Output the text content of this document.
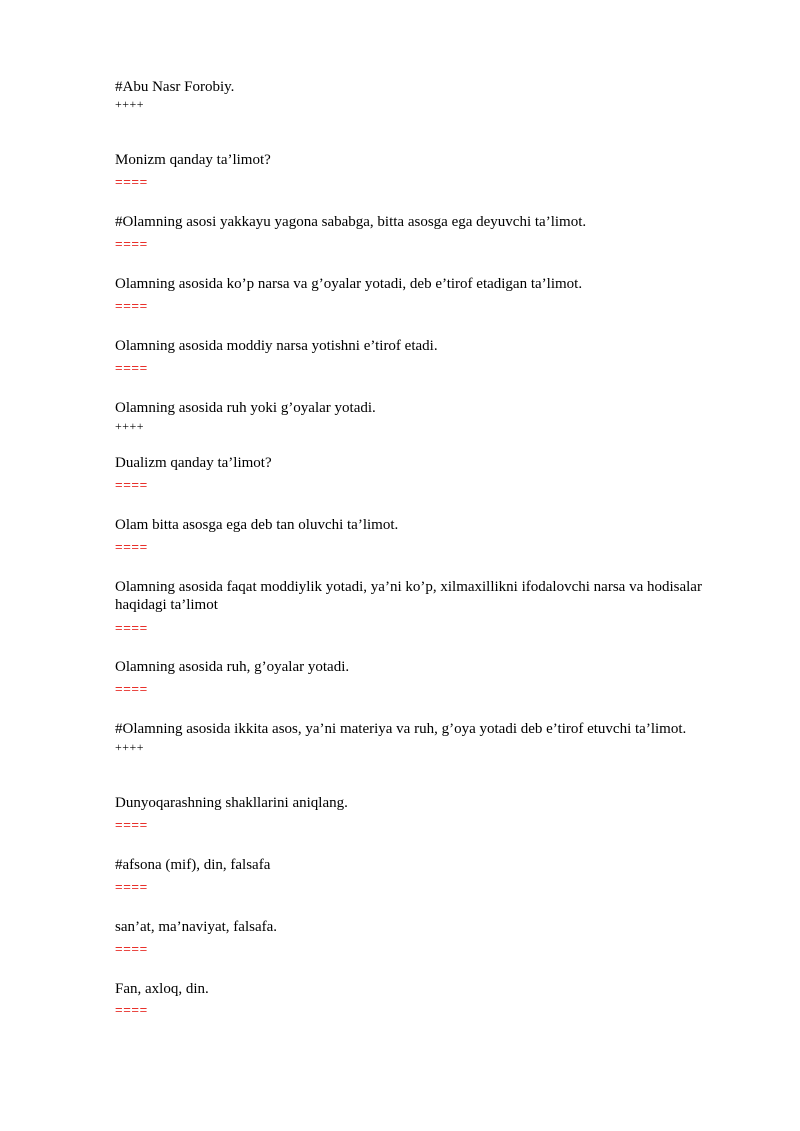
#Abu Nasr Forobiy.
++++
Monizm qanday ta’limot?
====
#Olamning asosi yakkayu yagona sababga, bitta asosga ega deyuvchi ta’limot.
====
Olamning asosida ko’p narsa va g’oyalar yotadi, deb e’tirof etadigan ta’limot.
====
Olamning asosida moddiy narsa yotishni e’tirof etadi.
====
Olamning asosida ruh yoki g’oyalar yotadi.
++++
Dualizm qanday ta’limot?
====
Olam bitta asosga ega deb tan oluvchi ta’limot.
====
Olamning asosida faqat moddiylik yotadi, ya’ni ko’p, xilmaxillikni ifodalovchi narsa va hodisalar haqidagi ta’limot
====
Olamning asosida ruh, g’oyalar yotadi.
====
#Olamning asosida ikkita asos, ya’ni materiya va ruh, g’oya yotadi deb e’tirof etuvchi ta’limot.
++++
Dunyoqarashning shakllarini aniqlang.
====
#afsona (mif), din, falsafa
====
san’at, ma’naviyat, falsafa.
====
Fan, axloq, din.
====
